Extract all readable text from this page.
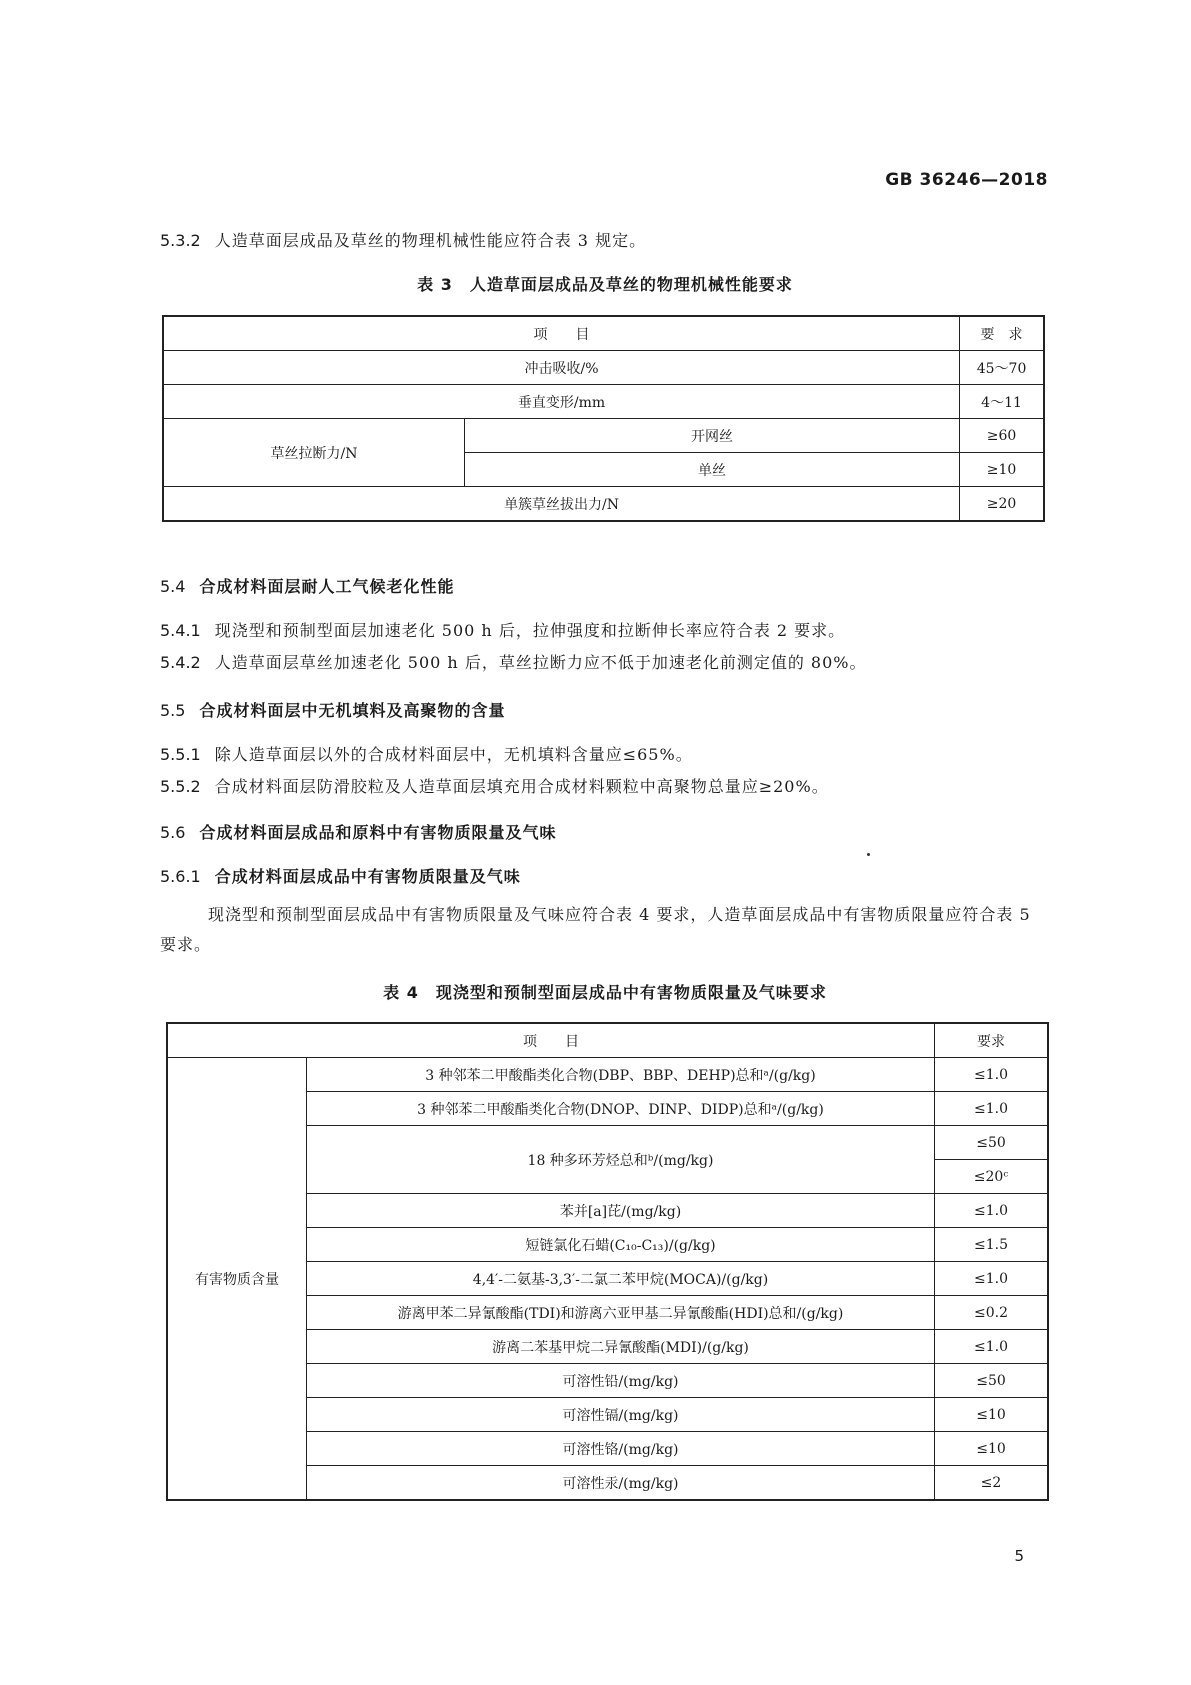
GB 36246—2018
5.3.2 人造草面层成品及草丝的物理机械性能应符合表 3 规定。
表 3　人造草面层成品及草丝的物理机械性能要求
项　　目		要　求
冲击吸收/%		45～70
垂直变形/mm		4～11
草丝拉断力/N	开网丝	≥60
	单丝	≥10
单簇草丝拔出力/N		≥20
5.4 合成材料面层耐人工气候老化性能
5.4.1 现浇型和预制型面层加速老化 500 h 后，拉伸强度和拉断伸长率应符合表 2 要求。
5.4.2 人造草面层草丝加速老化 500 h 后，草丝拉断力应不低于加速老化前测定值的 80%。
5.5 合成材料面层中无机填料及高聚物的含量
5.5.1 除人造草面层以外的合成材料面层中，无机填料含量应≤65%。
5.5.2 合成材料面层防滑胶粒及人造草面层填充用合成材料颗粒中高聚物总量应≥20%。
5.6 合成材料面层成品和原料中有害物质限量及气味
5.6.1 合成材料面层成品中有害物质限量及气味
现浇型和预制型面层成品中有害物质限量及气味应符合表 4 要求，人造草面层成品中有害物质限量应符合表 5 要求。
表 4　现浇型和预制型面层成品中有害物质限量及气味要求
项　　目		要求
有害物质含量	3 种邻苯二甲酸酯类化合物(DBP、BBP、DEHP)总和ᵃ/(g/kg)	≤1.0
	3 种邻苯二甲酸酯类化合物(DNOP、DINP、DIDP)总和ᵃ/(g/kg)	≤1.0
	18 种多环芳烃总和ᵇ/(mg/kg)	≤50
		≤20ᶜ
	苯并[a]芘/(mg/kg)	≤1.0
	短链氯化石蜡(C₁₀-C₁₃)/(g/kg)	≤1.5
	4,4′-二氨基-3,3′-二氯二苯甲烷(MOCA)/(g/kg)	≤1.0
	游离甲苯二异氰酸酯(TDI)和游离六亚甲基二异氰酸酯(HDI)总和/(g/kg)	≤0.2
	游离二苯基甲烷二异氰酸酯(MDI)/(g/kg)	≤1.0
	可溶性铅/(mg/kg)	≤50
	可溶性镉/(mg/kg)	≤10
	可溶性铬/(mg/kg)	≤10
	可溶性汞/(mg/kg)	≤2
5
